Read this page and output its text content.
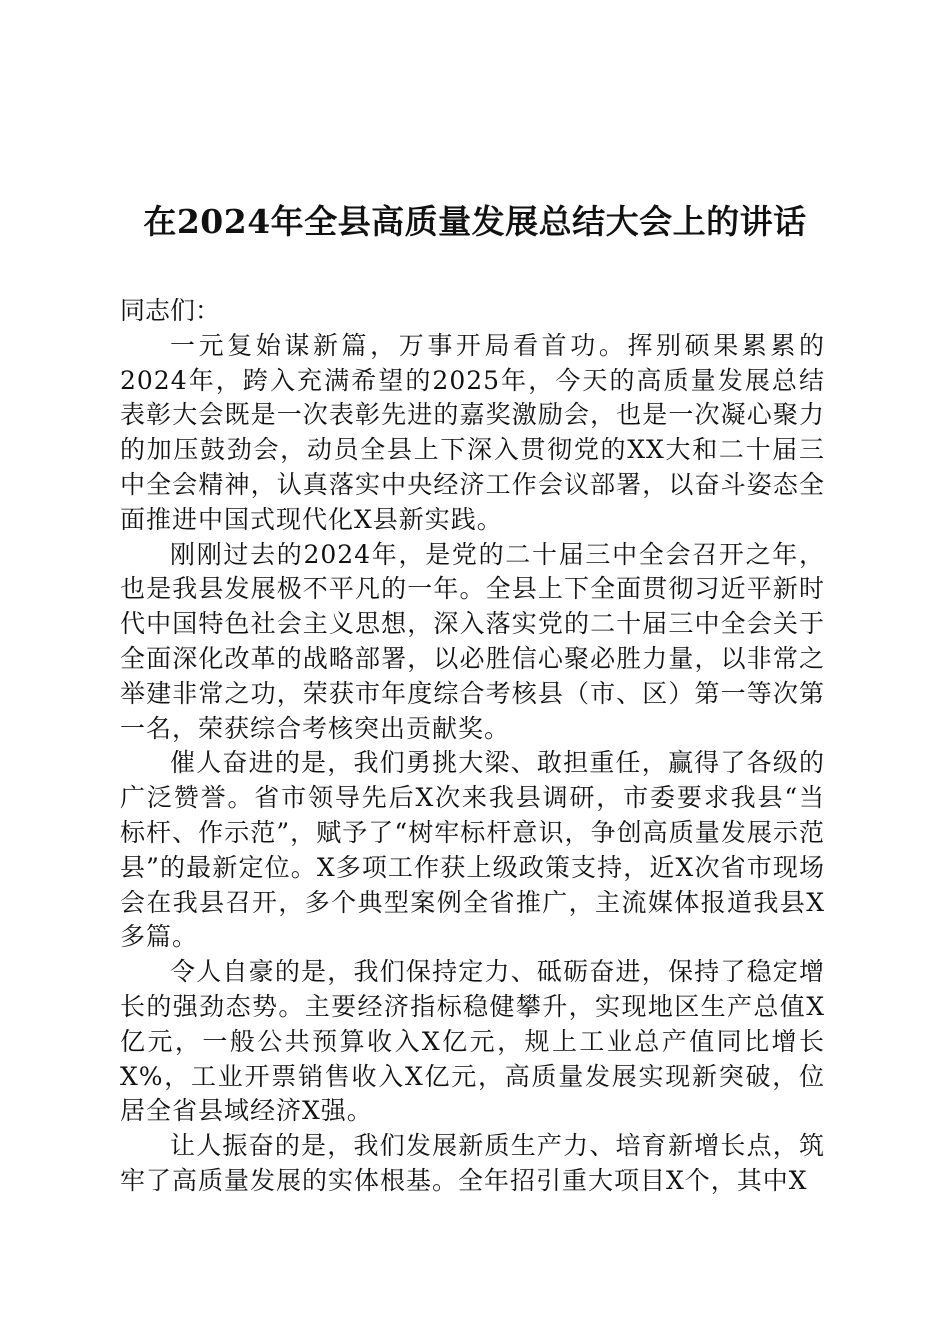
在2024年全县高质量发展总结大会上的讲话

同志们：

一元复始谋新篇，万事开局看首功。挥别硕果累累的2024年，跨入充满希望的2025年，今天的高质量发展总结表彰大会既是一次表彰先进的嘉奖激励会，也是一次凝心聚力的加压鼓劲会，动员全县上下深入贯彻党的XX大和二十届三中全会精神，认真落实中央经济工作会议部署，以奋斗姿态全面推进中国式现代化X县新实践。

刚刚过去的2024年，是党的二十届三中全会召开之年，也是我县发展极不平凡的一年。全县上下全面贯彻习近平新时代中国特色社会主义思想，深入落实党的二十届三中全会关于全面深化改革的战略部署，以必胜信心聚必胜力量，以非常之举建非常之功，荣获市年度综合考核县（市、区）第一等次第一名，荣获综合考核突出贡献奖。

催人奋进的是，我们勇挑大梁、敢担重任，赢得了各级的广泛赞誉。省市领导先后X次来我县调研，市委要求我县“当标杆、作示范”，赋予了“树牢标杆意识，争创高质量发展示范县”的最新定位。X多项工作获上级政策支持，近X次省市现场会在我县召开，多个典型案例全省推广，主流媒体报道我县X多篇。

令人自豪的是，我们保持定力、砥砺奋进，保持了稳定增长的强劲态势。主要经济指标稳健攀升，实现地区生产总值X亿元，一般公共预算收入X亿元，规上工业总产值同比增长X%，工业开票销售收入X亿元，高质量发展实现新突破，位居全省县域经济X强。

让人振奋的是，我们发展新质生产力、培育新增长点，筑牢了高质量发展的实体根基。全年招引重大项目X个，其中X
